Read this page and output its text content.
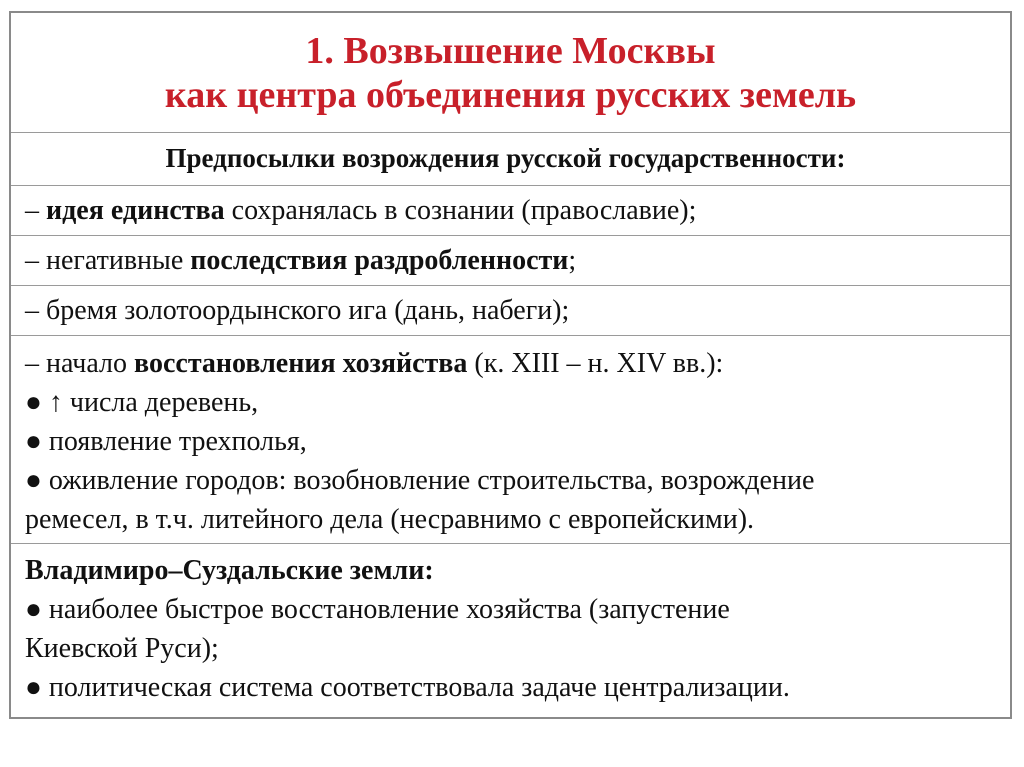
1. Возвышение Москвы
как центра объединения русских земель
Предпосылки возрождения русской государственности:
– идея единства сохранялась в сознании (православие);
– негативные последствия раздробленности;
– бремя золотоордынского ига (дань, набеги);
– начало восстановления хозяйства (к. XIII – н. XIV вв.):
● ↑ числа деревень,
● появление трехполья,
● оживление городов: возобновление строительства, возрождение
ремесел, в т.ч. литейного дела (несравнимо с европейскими).
Владимиро–Суздальские земли:
● наиболее быстрое восстановление хозяйства (запустение
Киевской Руси);
● политическая система соответствовала задаче централизации.
